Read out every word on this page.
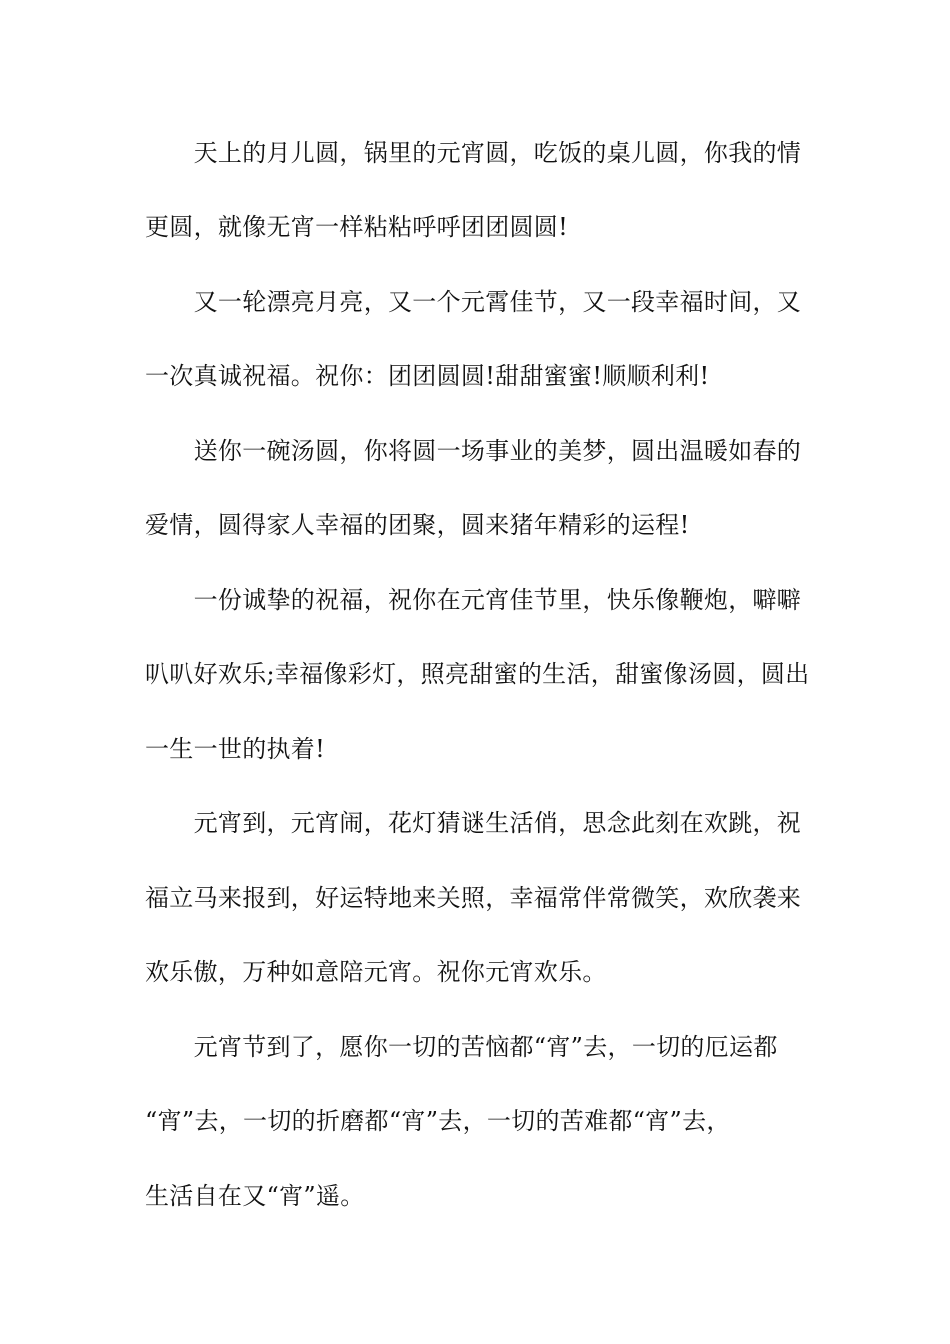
　　天上的月儿圆，锅里的元宵圆，吃饭的桌儿圆，你我的情

更圆，就像无宵一样粘粘呼呼团团圆圆!

　　又一轮漂亮月亮，又一个元霄佳节，又一段幸福时间，又

一次真诚祝福。祝你：团团圆圆!甜甜蜜蜜!顺顺利利!

　　送你一碗汤圆，你将圆一场事业的美梦，圆出温暖如春的

爱情，圆得家人幸福的团聚，圆来猪年精彩的运程!

　　一份诚挚的祝福，祝你在元宵佳节里，快乐像鞭炮，噼噼

叭叭好欢乐;幸福像彩灯，照亮甜蜜的生活，甜蜜像汤圆，圆出

一生一世的执着!

　　元宵到，元宵闹，花灯猜谜生活俏，思念此刻在欢跳，祝

福立马来报到，好运特地来关照，幸福常伴常微笑，欢欣袭来

欢乐傲，万种如意陪元宵。祝你元宵欢乐。

　　元宵节到了，愿你一切的苦恼都“宵”去，一切的厄运都

“宵”去，一切的折磨都“宵”去，一切的苦难都“宵”去，

生活自在又“宵”遥。
